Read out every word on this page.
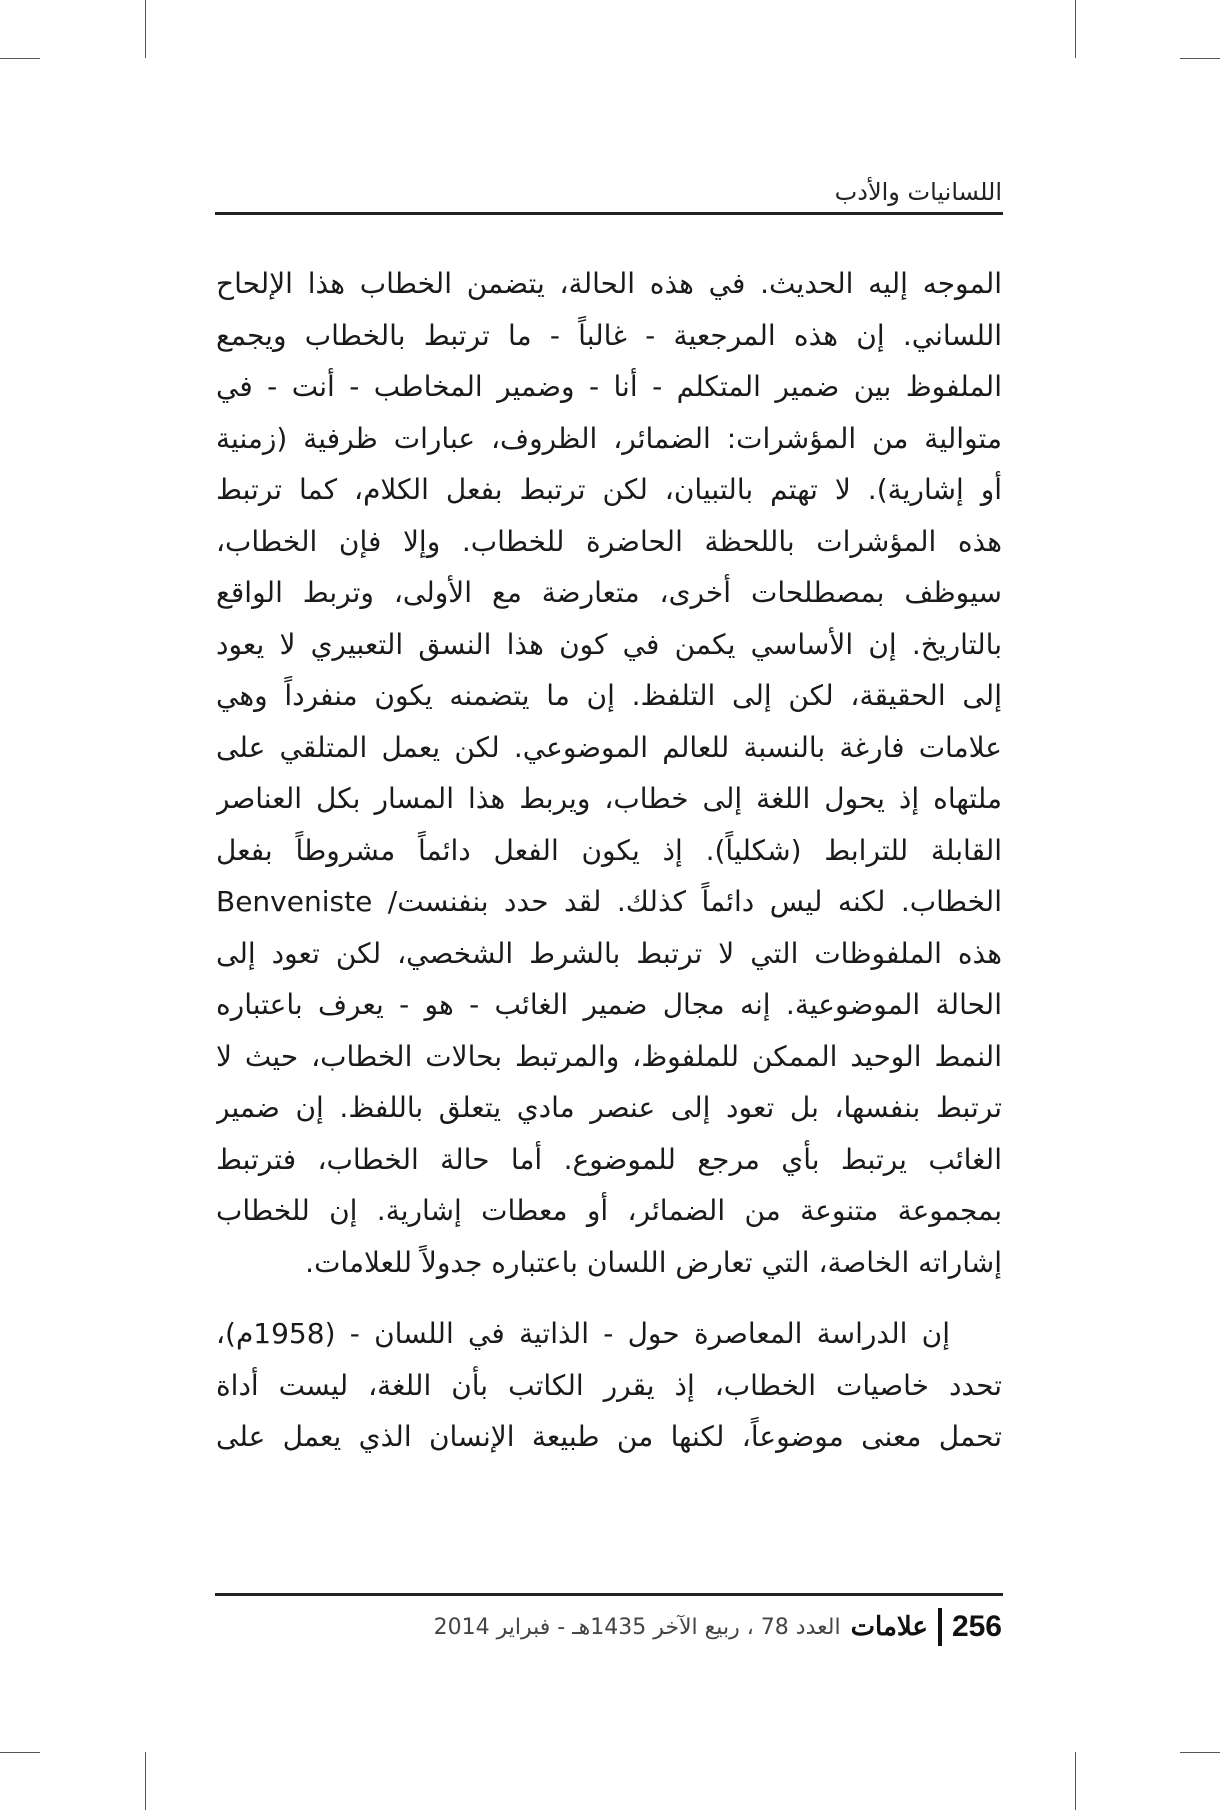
اللسانيات والأدب
الموجه إليه الحديث. في هذه الحالة، يتضمن الخطاب هذا الإلحاح
اللساني. إن هذه المرجعية - غالباً - ما ترتبط بالخطاب ويجمع
الملفوظ بين ضمير المتكلم - أنا - وضمير المخاطب - أنت - في
متوالية من المؤشرات: الضمائر، الظروف، عبارات ظرفية (زمنية
أو إشارية). لا تهتم بالتبيان، لكن ترتبط بفعل الكلام، كما ترتبط
هذه المؤشرات باللحظة الحاضرة للخطاب. وإلا فإن الخطاب،
سيوظف بمصطلحات أخرى، متعارضة مع الأولى، وتربط الواقع
بالتاريخ. إن الأساسي يكمن في كون هذا النسق التعبيري لا يعود
إلى الحقيقة، لكن إلى التلفظ. إن ما يتضمنه يكون منفرداً وهي
علامات فارغة بالنسبة للعالم الموضوعي. لكن يعمل المتلقي على
ملتهاه إذ يحول اللغة إلى خطاب، ويربط هذا المسار بكل العناصر
القابلة للترابط (شكلياً). إذ يكون الفعل دائماً مشروطاً بفعل
الخطاب. لكنه ليس دائماً كذلك. لقد حدد بنفنست/ Benveniste
هذه الملفوظات التي لا ترتبط بالشرط الشخصي، لكن تعود إلى
الحالة الموضوعية. إنه مجال ضمير الغائب - هو - يعرف باعتباره
النمط الوحيد الممكن للملفوظ، والمرتبط بحالات الخطاب، حيث لا
ترتبط بنفسها، بل تعود إلى عنصر مادي يتعلق باللفظ. إن ضمير
الغائب يرتبط بأي مرجع للموضوع. أما حالة الخطاب، فترتبط
بمجموعة متنوعة من الضمائر، أو معطات إشارية. إن للخطاب
إشاراته الخاصة، التي تعارض اللسان باعتباره جدولاً للعلامات.
إن الدراسة المعاصرة حول - الذاتية في اللسان - (1958م)،
تحدد خاصيات الخطاب، إذ يقرر الكاتب بأن اللغة، ليست أداة
تحمل معنى موضوعاً، لكنها من طبيعة الإنسان الذي يعمل على
256
علامات
العدد 78 ، ربيع الآخر 1435هـ - فبراير 2014
